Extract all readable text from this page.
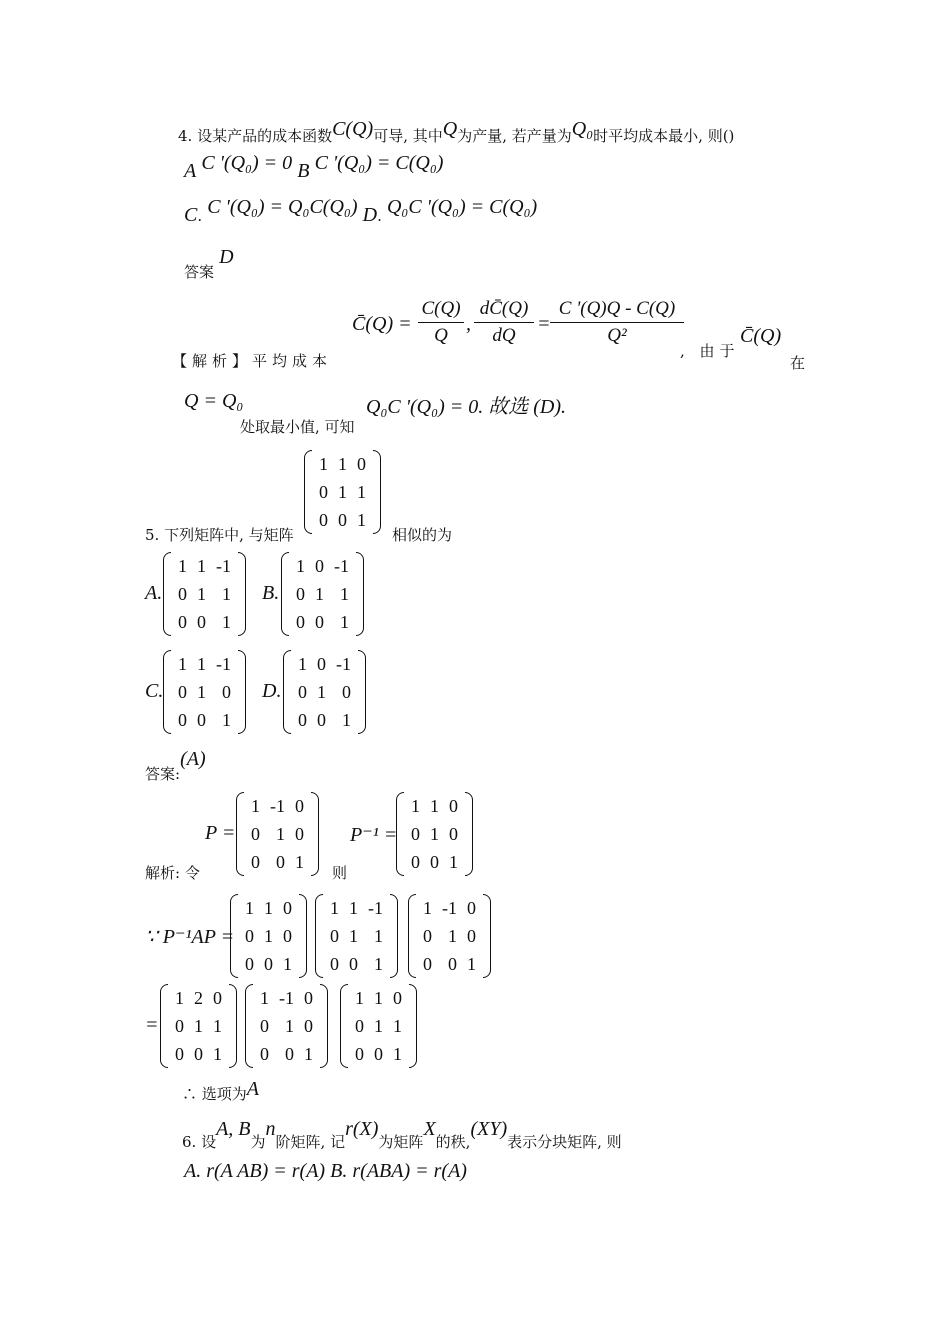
4. 设某产品的成本函数C(Q)可导, 其中Q为产量, 若产量为Q₀时平均成本最小, 则()
A C '(Q₀) = 0 B C '(Q₀) = C(Q₀)
C. C '(Q₀) = Q₀C(Q₀) D. Q₀C '(Q₀) = C(Q₀)
答案 D
【解析】平均成本
C̄(Q) =
C(Q)
Q
,
dC̄(Q)
dQ
=
C '(Q)Q - C(Q)
Q²
, 由于
C̄(Q)
在
Q = Q₀
处取最小值, 可知
Q₀C '(Q₀) = 0. 故选 (D).
5. 下列矩阵中, 与矩阵
1 1 0
0 1 1
0 0 1
相似的为
A.
1 1 -1
0 1 1
0 0 1
B.
1 0 -1
0 1 1
0 0 1
C.
1 1 -1
0 1 0
0 0 1
D.
1 0 -1
0 1 0
0 0 1
答案:(A)
解析: 令
P =
1 -1 0
0 1 0
0 0 1
则
P⁻¹ =
1 1 0
0 1 0
0 0 1
∵ P⁻¹AP =
1 1 0
0 1 0
0 0 1
1 1 -1
0 1 1
0 0 1
1 -1 0
0 1 0
0 0 1
=
1 2 0
0 1 1
0 0 1
1 -1 0
0 1 0
0 0 1
1 1 0
0 1 1
0 0 1
∴ 选项为A
6. 设A, B为n阶矩阵, 记r(X)为矩阵X的秩,(XY)表示分块矩阵, 则
A. r(A AB) = r(A) B. r(ABA) = r(A)
